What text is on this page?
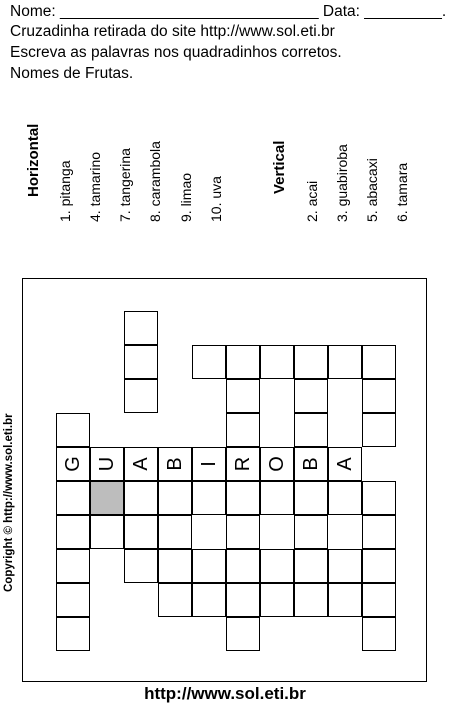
Nome: ______________________________ Data: _________.
Cruzadinha retirada do site http://www.sol.eti.br
Escreva as palavras nos quadradinhos corretos.
Nomes de Frutas.
Horizontal 1. pitanga 4. tamarino 7. tangerina 8. carambola 9. limao 10. uva
Vertical
2. acai 3. guabiroba 5. abacaxi 6. tamara
Copyright © http://www.sol.eti.br G U A B I R O B A
http://www.sol.eti.br
